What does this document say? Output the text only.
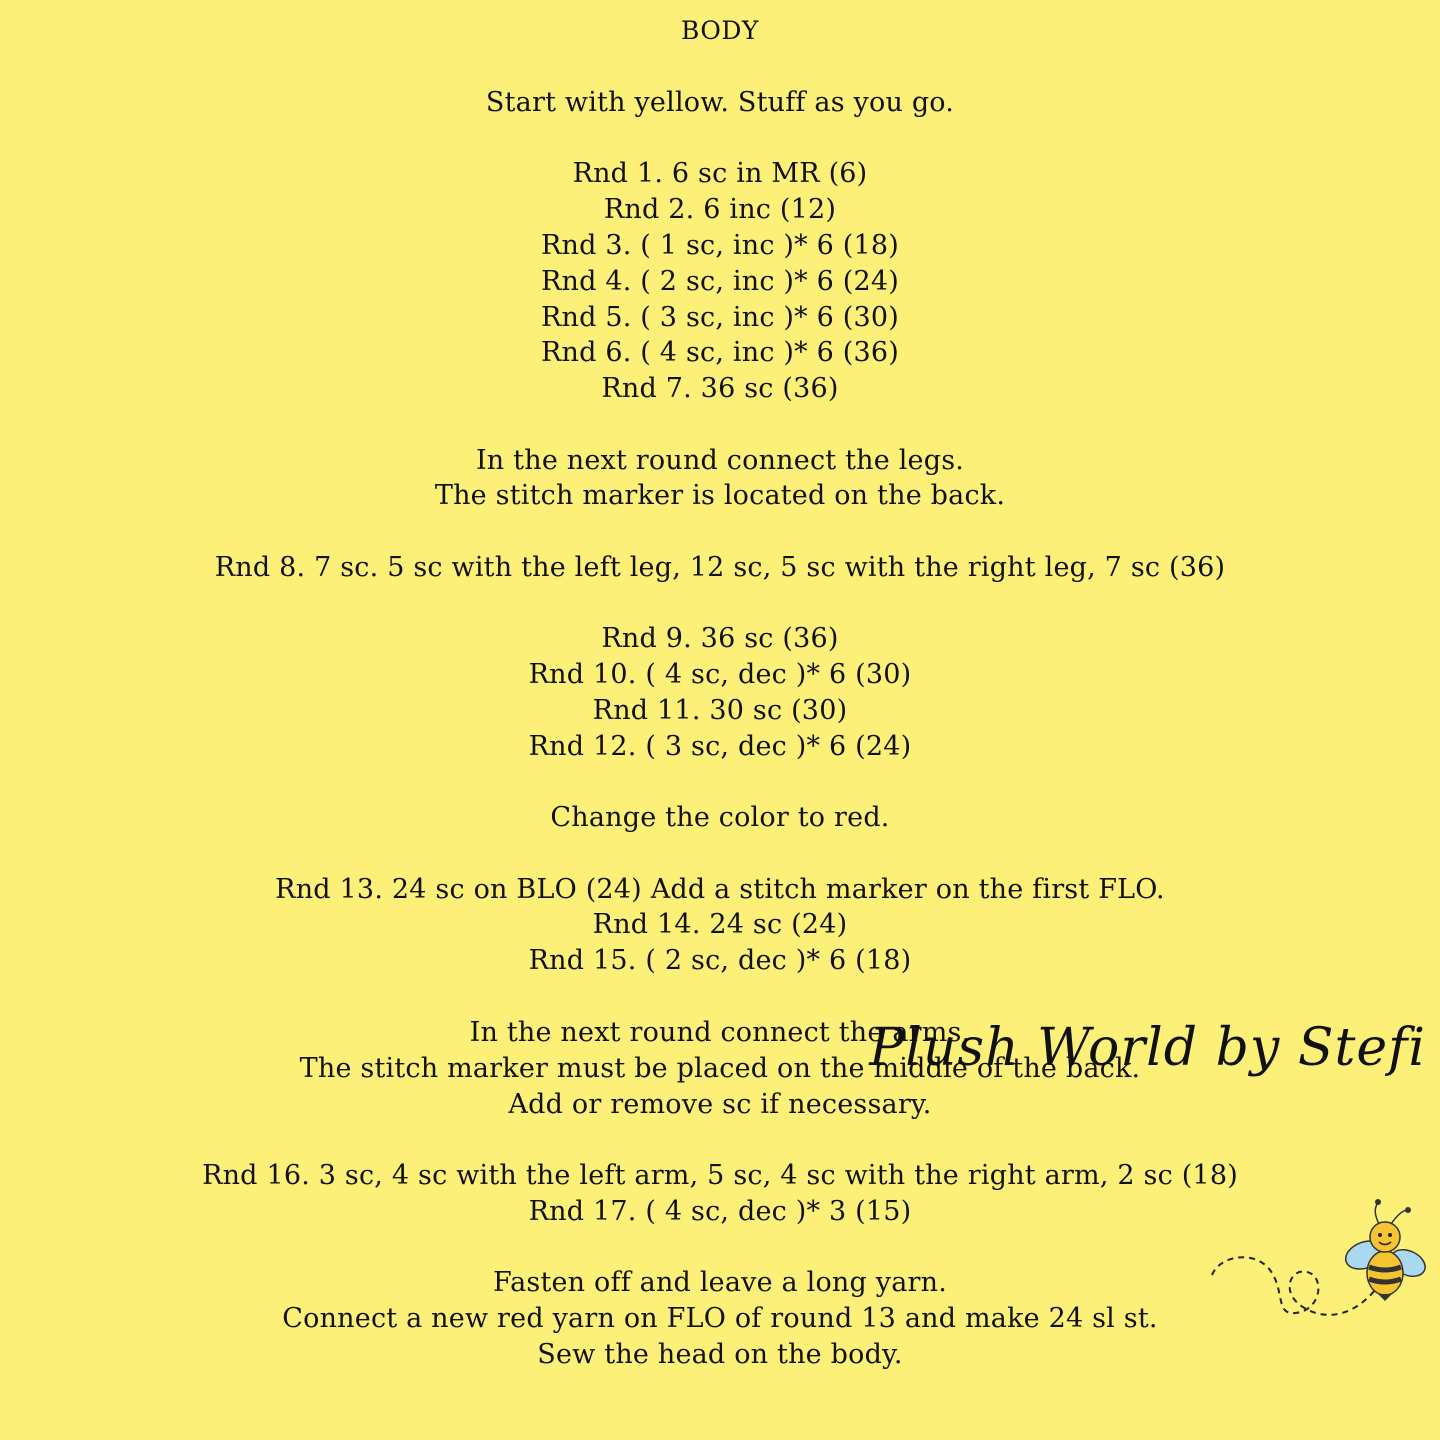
BODY
Start with yellow. Stuff as you go.
Rnd 1. 6 sc in MR (6)
Rnd 2. 6 inc (12)
Rnd 3. ( 1 sc, inc )* 6 (18)
Rnd 4. ( 2 sc, inc )* 6 (24)
Rnd 5. ( 3 sc, inc )* 6 (30)
Rnd 6. ( 4 sc, inc )* 6 (36)
Rnd 7. 36 sc (36)
In the next round connect the legs.
The stitch marker is located on the back.
Rnd 8. 7 sc. 5 sc with the left leg, 12 sc, 5 sc with the right leg, 7 sc (36)
Rnd 9. 36 sc (36)
Rnd 10. ( 4 sc, dec )* 6 (30)
Rnd 11. 30 sc (30)
Rnd 12. ( 3 sc, dec )* 6 (24)
Change the color to red.
Rnd 13. 24 sc on BLO (24) Add a stitch marker on the first FLO.
Rnd 14. 24 sc (24)
Rnd 15. ( 2 sc, dec )* 6 (18)
In the next round connect the arms.
The stitch marker must be placed on the middle of the back.
Add or remove sc if necessary.
Rnd 16. 3 sc, 4 sc with the left arm, 5 sc, 4 sc with the right arm, 2 sc (18)
Rnd 17. ( 4 sc, dec )* 3 (15)
Fasten off and leave a long yarn.
Connect a new red yarn on FLO of round 13 and make 24 sl st.
Sew the head on the body.
Plush World by Stefi
